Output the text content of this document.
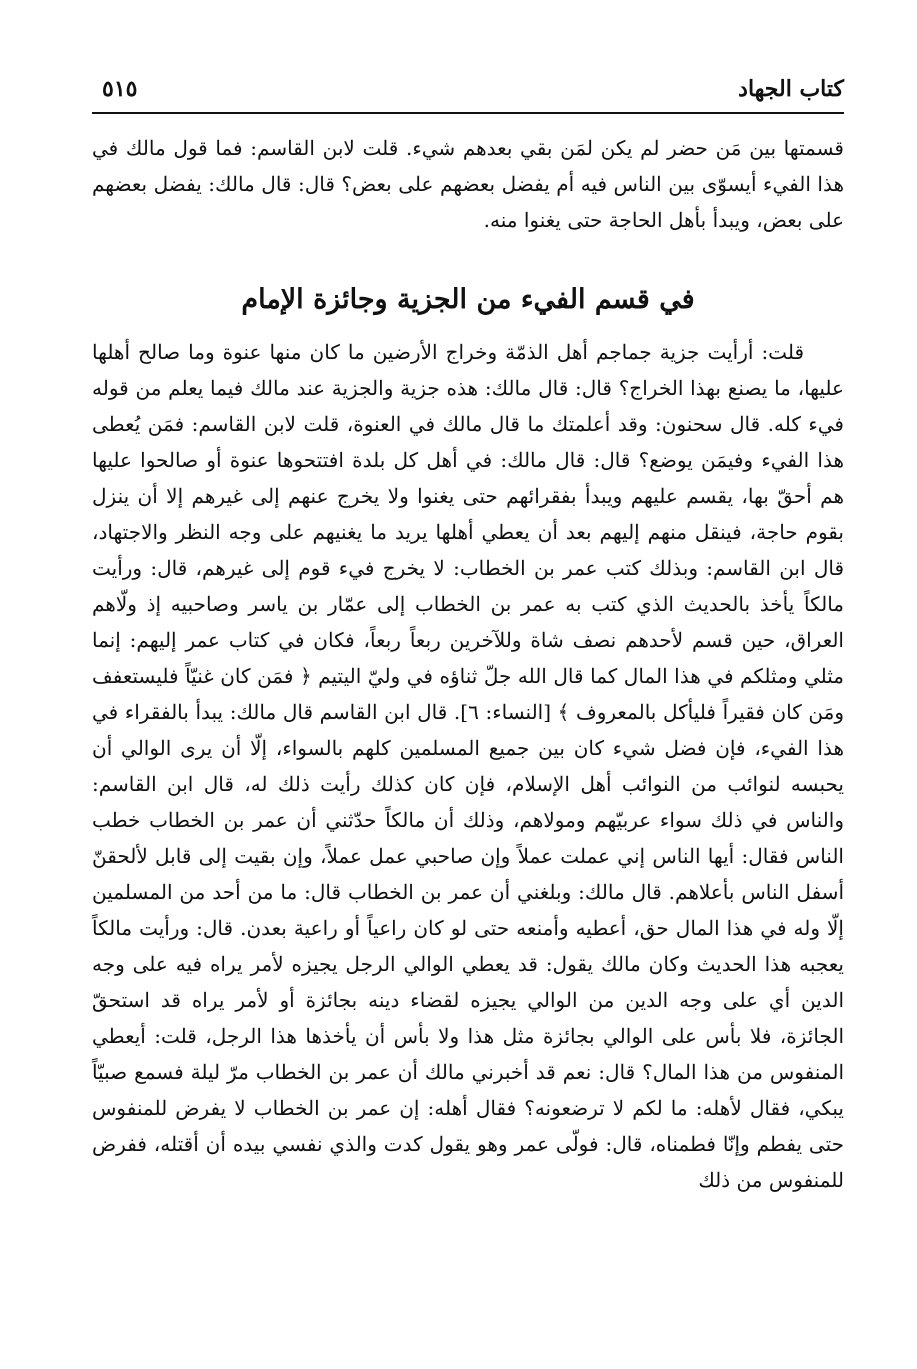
كتاب الجهاد
٥١٥

قسمتها بين مَن حضر لم يكن لمَن بقي بعدهم شيء. قلت لابن القاسم: فما قول مالك في هذا الفيء أيسوّى بين الناس فيه أم يفضل بعضهم على بعض؟ قال: قال مالك: يفضل بعضهم على بعض، ويبدأ بأهل الحاجة حتى يغنوا منه.

في قسم الفيء من الجزية وجائزة الإمام

قلت: أرأيت جزية جماجم أهل الذمّة وخراج الأرضين ما كان منها عنوة وما صالح أهلها عليها، ما يصنع بهذا الخراج؟ قال: قال مالك: هذه جزية والجزية عند مالك فيما يعلم من قوله فيء كله. قال سحنون: وقد أعلمتك ما قال مالك في العنوة، قلت لابن القاسم: فمَن يُعطى هذا الفيء وفيمَن يوضع؟ قال: قال مالك: في أهل كل بلدة افتتحوها عنوة أو صالحوا عليها هم أحقّ بها، يقسم عليهم ويبدأ بفقرائهم حتى يغنوا ولا يخرج عنهم إلى غيرهم إلا أن ينزل بقوم حاجة، فينقل منهم إليهم بعد أن يعطي أهلها يريد ما يغنيهم على وجه النظر والاجتهاد، قال ابن القاسم: وبذلك كتب عمر بن الخطاب: لا يخرج فيء قوم إلى غيرهم، قال: ورأيت مالكاً يأخذ بالحديث الذي كتب به عمر بن الخطاب إلى عمّار بن ياسر وصاحبيه إذ ولّاهم العراق، حين قسم لأحدهم نصف شاة وللآخرين ربعاً ربعاً، فكان في كتاب عمر إليهم: إنما مثلي ومثلكم في هذا المال كما قال الله جلّ ثناؤه في وليّ اليتيم ﴿ فمَن كان غنيّاً فليستعفف ومَن كان فقيراً فليأكل بالمعروف ﴾ [النساء: ٦]. قال ابن القاسم قال مالك: يبدأ بالفقراء في هذا الفيء، فإن فضل شيء كان بين جميع المسلمين كلهم بالسواء، إلّا أن يرى الوالي أن يحبسه لنوائب من النوائب أهل الإسلام، فإن كان كذلك رأيت ذلك له، قال ابن القاسم: والناس في ذلك سواء عربيّهم ومولاهم، وذلك أن مالكاً حدّثني أن عمر بن الخطاب خطب الناس فقال: أيها الناس إني عملت عملاً وإن صاحبي عمل عملاً، وإن بقيت إلى قابل لألحقنّ أسفل الناس بأعلاهم. قال مالك: وبلغني أن عمر بن الخطاب قال: ما من أحد من المسلمين إلّا وله في هذا المال حق، أعطيه وأمنعه حتى لو كان راعياً أو راعية بعدن. قال: ورأيت مالكاً يعجبه هذا الحديث وكان مالك يقول: قد يعطي الوالي الرجل يجيزه لأمر يراه فيه على وجه الدين أي على وجه الدين من الوالي يجيزه لقضاء دينه بجائزة أو لأمر يراه قد استحقّ الجائزة، فلا بأس على الوالي بجائزة مثل هذا ولا بأس أن يأخذها هذا الرجل، قلت: أيعطي المنفوس من هذا المال؟ قال: نعم قد أخبرني مالك أن عمر بن الخطاب مرّ ليلة فسمع صبيّاً يبكي، فقال لأهله: ما لكم لا ترضعونه؟ فقال أهله: إن عمر بن الخطاب لا يفرض للمنفوس حتى يفطم وإنّا فطمناه، قال: فولّى عمر وهو يقول كدت والذي نفسي بيده أن أقتله، ففرض للمنفوس من ذلك
